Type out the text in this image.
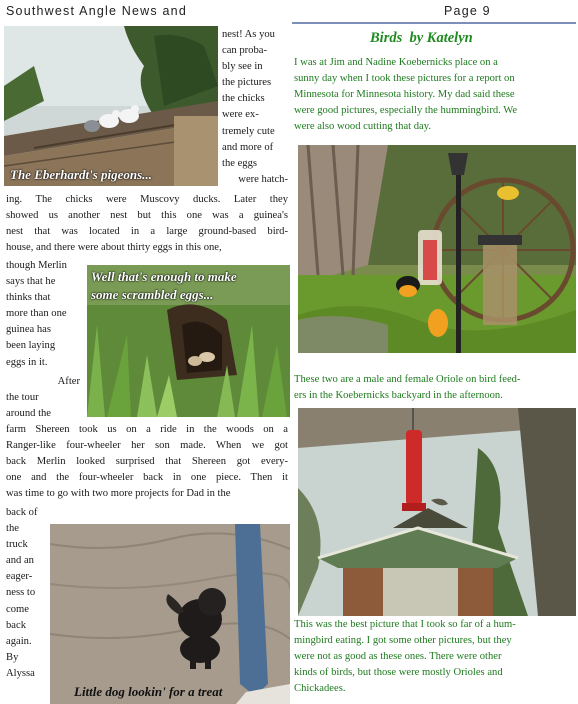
Southwest Angle News and	Page 9
The Eberhardt's pigeons...
Well that's enough to make
some scrambled eggs...
Little dog lookin' for a treat
nest! As you
can proba-
bly see in
the pictures
the chicks
were ex-
tremely cute
and more of
the eggs
were hatch-
ing. The chicks were Muscovy ducks. Later they
showed us another nest but this one was a guinea's
nest that was located in a large ground-based bird-
house, and there were about thirty eggs in this one,
though Merlin
says that he
thinks that
more than one
guinea has
been laying
eggs in it.
After
the tour
around the
farm Shereen took us on a ride in the woods on a
Ranger-like four-wheeler her son made. When we got
back Merlin looked surprised that Shereen got every-
one and the four-wheeler back in one piece. Then it
was time to go with two more projects for Dad in the
back of
the
truck
and an
eager-
ness to
come
back
again.
By
Alyssa
Birds  by Katelyn
I was at Jim and Nadine Koebernicks place on a
sunny day when I took these pictures for a report on
Minnesota for Minnesota history. My dad said these
were good pictures, especially the hummingbird. We
were also wood cutting that day.
These two are a male and female Oriole on bird feed-
ers in the Koebernicks backyard in the afternoon.
This was the best picture that I took so far of a hum-
mingbird eating. I got some other pictures, but they
were not as good as these ones. There were other
kinds of birds, but those were mostly Orioles and
Chickadees.
